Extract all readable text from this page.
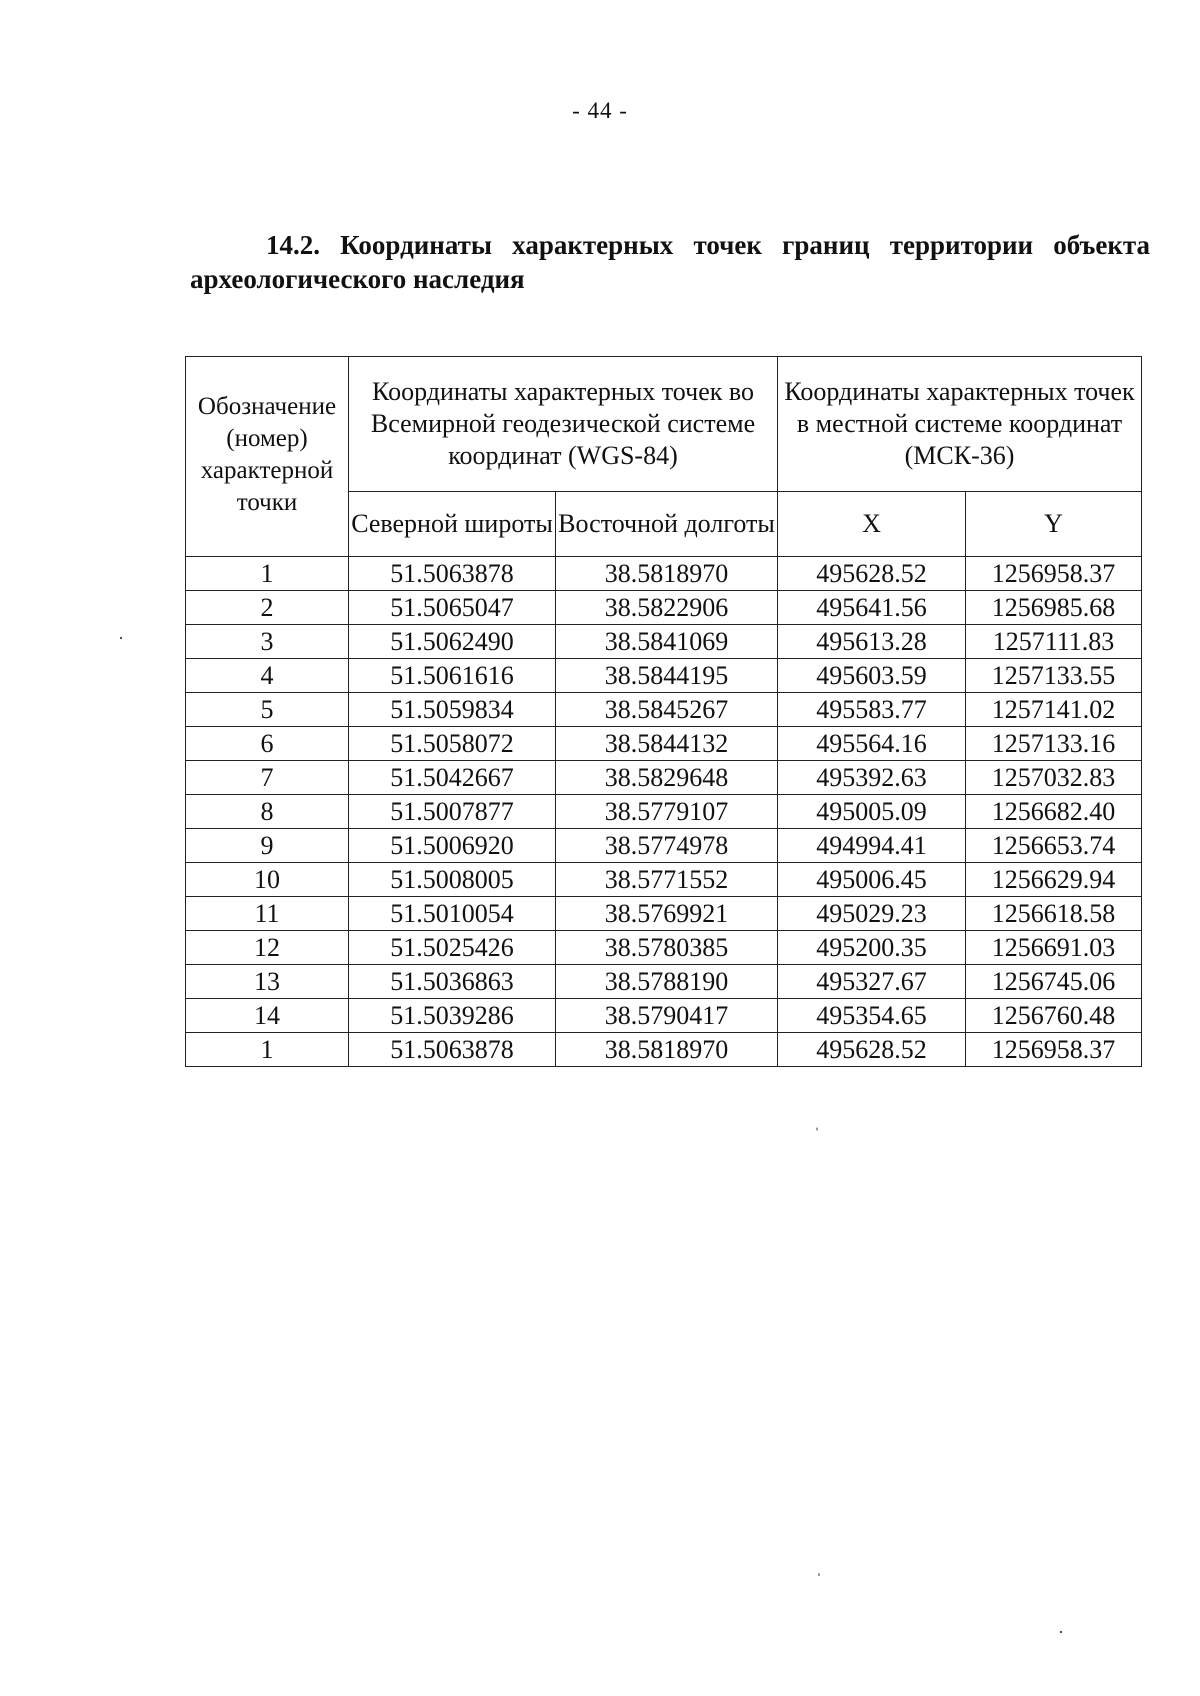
- 44 -
14.2. Координаты характерных точек границ территории объекта
археологического наследия
Обозначение (номер) характерной точки	Координаты характерных точек во Всемирной геодезической системе координат (WGS-84)		Координаты характерных точек в местной системе координат (МСК-36)	
	Северной широты	Восточной долготы	X	Y
1	51.5063878	38.5818970	495628.52	1256958.37
2	51.5065047	38.5822906	495641.56	1256985.68
3	51.5062490	38.5841069	495613.28	1257111.83
4	51.5061616	38.5844195	495603.59	1257133.55
5	51.5059834	38.5845267	495583.77	1257141.02
6	51.5058072	38.5844132	495564.16	1257133.16
7	51.5042667	38.5829648	495392.63	1257032.83
8	51.5007877	38.5779107	495005.09	1256682.40
9	51.5006920	38.5774978	494994.41	1256653.74
10	51.5008005	38.5771552	495006.45	1256629.94
11	51.5010054	38.5769921	495029.23	1256618.58
12	51.5025426	38.5780385	495200.35	1256691.03
13	51.5036863	38.5788190	495327.67	1256745.06
14	51.5039286	38.5790417	495354.65	1256760.48
1	51.5063878	38.5818970	495628.52	1256958.37
·
ˈ
ˌ
·
